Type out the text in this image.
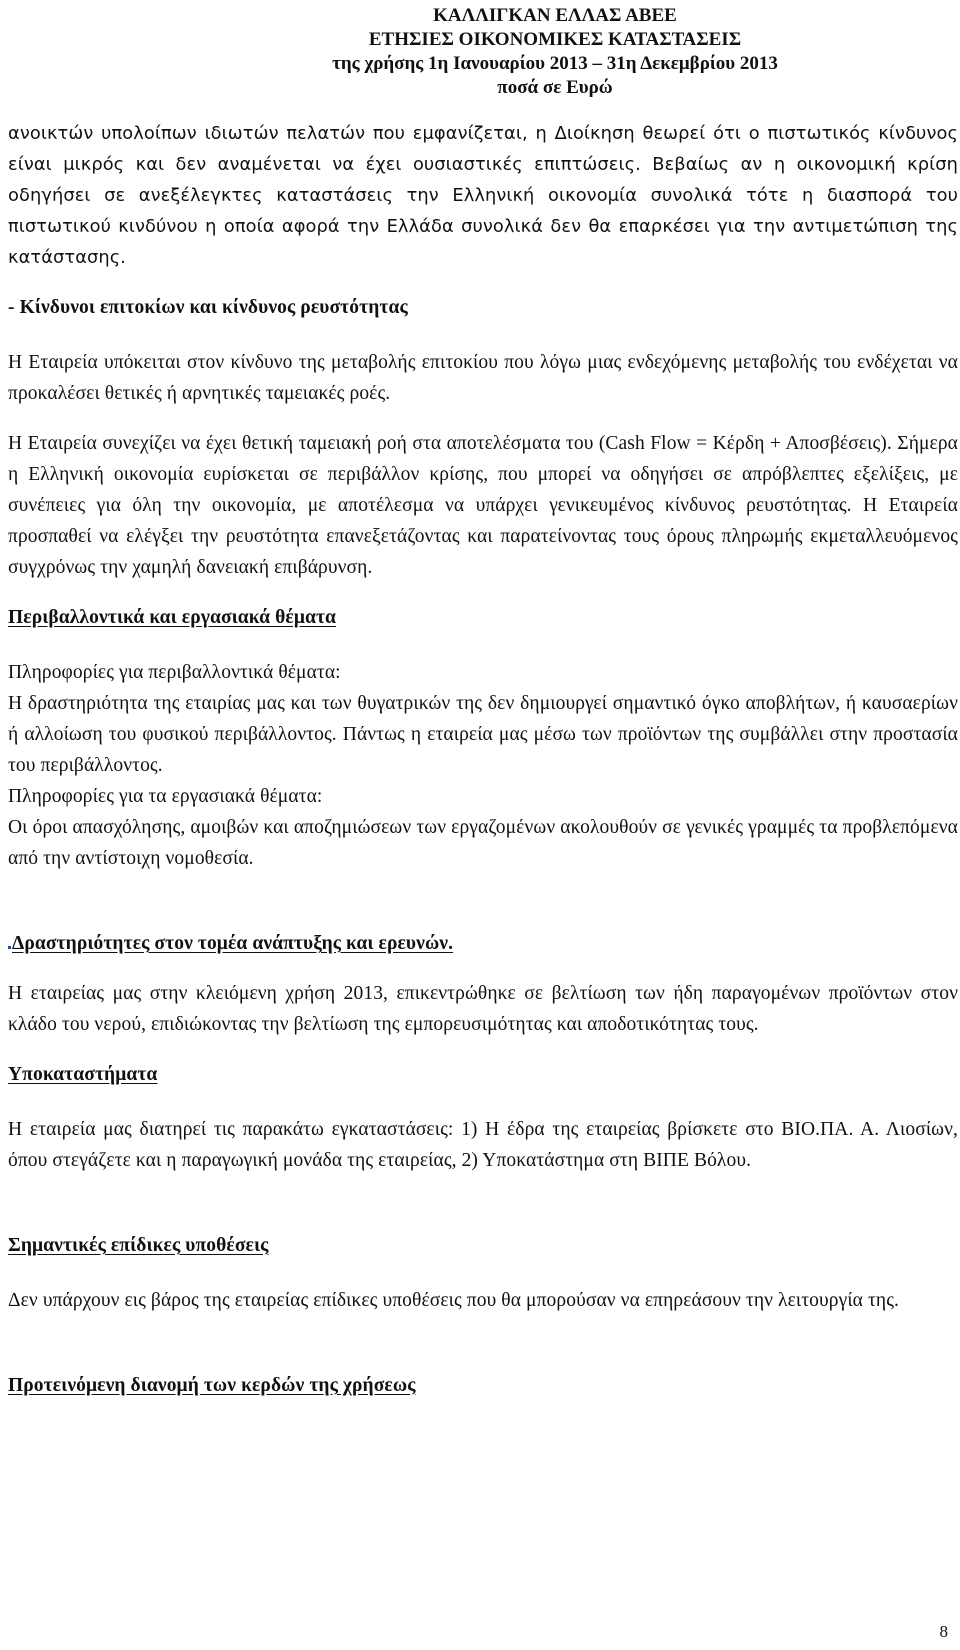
ΚΑΛΛΙΓΚΑΝ ΕΛΛΑΣ ΑΒΕΕ
ΕΤΗΣΙΕΣ ΟΙΚΟΝΟΜΙΚΕΣ ΚΑΤΑΣΤΑΣΕΙΣ
της χρήσης 1η Ιανουαρίου 2013 – 31η Δεκεμβρίου 2013
ποσά σε Ευρώ

ανοικτών υπολοίπων ιδιωτών πελατών που εμφανίζεται, η Διοίκηση θεωρεί ότι ο πιστωτικός κίνδυνος είναι μικρός και δεν αναμένεται να έχει ουσιαστικές επιπτώσεις. Βεβαίως αν η οικονομική κρίση οδηγήσει σε ανεξέλεγκτες καταστάσεις την Ελληνική οικονομία συνολικά τότε η διασπορά του πιστωτικού κινδύνου η οποία αφορά την Ελλάδα συνολικά δεν θα επαρκέσει για την αντιμετώπιση της κατάστασης.

- Κίνδυνοι επιτοκίων και κίνδυνος ρευστότητας

Η Εταιρεία υπόκειται στον κίνδυνο της μεταβολής επιτοκίου που λόγω μιας ενδεχόμενης μεταβολής του ενδέχεται να προκαλέσει θετικές ή αρνητικές ταμειακές ροές.

Η Εταιρεία συνεχίζει να έχει θετική ταμειακή ροή στα αποτελέσματα του (Cash Flow = Κέρδη + Αποσβέσεις). Σήμερα η Ελληνική οικονομία ευρίσκεται σε περιβάλλον κρίσης, που μπορεί να οδηγήσει σε απρόβλεπτες εξελίξεις, με συνέπειες για όλη την οικονομία, με αποτέλεσμα να υπάρχει γενικευμένος κίνδυνος ρευστότητας. Η Εταιρεία προσπαθεί να ελέγξει την ρευστότητα επανεξετάζοντας και παρατείνοντας τους όρους πληρωμής εκμεταλλευόμενος συγχρόνως την χαμηλή δανειακή επιβάρυνση.

Περιβαλλοντικά και εργασιακά θέματα

Πληροφορίες για περιβαλλοντικά θέματα:

Η δραστηριότητα της εταιρίας μας και των θυγατρικών της δεν δημιουργεί σημαντικό όγκο αποβλήτων, ή καυσαερίων ή αλλοίωση του φυσικού περιβάλλοντος. Πάντως η εταιρεία μας μέσω των προϊόντων της συμβάλλει στην προστασία του περιβάλλοντος.

Πληροφορίες για τα εργασιακά θέματα:

Οι όροι απασχόλησης, αμοιβών και αποζημιώσεων των εργαζομένων ακολουθούν σε γενικές γραμμές τα προβλεπόμενα από την αντίστοιχη νομοθεσία.

Δραστηριότητες στον τομέα ανάπτυξης και ερευνών.

Η εταιρείας μας στην κλειόμενη χρήση 2013, επικεντρώθηκε σε βελτίωση των ήδη παραγομένων προϊόντων στον κλάδο του νερού, επιδιώκοντας την βελτίωση της εμπορευσιμότητας και αποδοτικότητας τους.

Υποκαταστήματα

Η εταιρεία μας διατηρεί τις παρακάτω εγκαταστάσεις: 1) Η έδρα της εταιρείας βρίσκετε στο ΒΙΟ.ΠΑ. Α. Λιοσίων, όπου στεγάζετε και η παραγωγική μονάδα της εταιρείας, 2) Υποκατάστημα στη ΒΙΠΕ Βόλου.

Σημαντικές επίδικες υποθέσεις

Δεν υπάρχουν εις βάρος της εταιρείας επίδικες υποθέσεις που θα μπορούσαν να επηρεάσουν την λειτουργία της.

Προτεινόμενη διανομή των κερδών της χρήσεως

8
